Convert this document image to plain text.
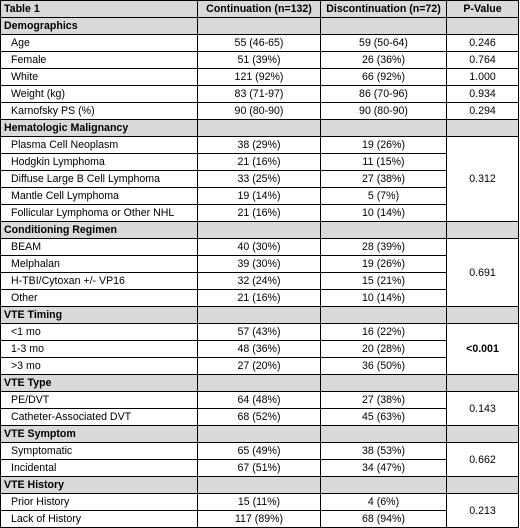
Table 1	Continuation (n=132)	Discontinuation (n=72)	P-Value
Demographics			
Age	55 (46-65)	59 (50-64)	0.246
Female	51 (39%)	26 (36%)	0.764
White	121 (92%)	66 (92%)	1.000
Weight (kg)	83 (71-97)	86 (70-96)	0.934
Karnofsky PS (%)	90 (80-90)	90 (80-90)	0.294
Hematologic Malignancy			
Plasma Cell Neoplasm	38 (29%)	19 (26%)	0.312
Hodgkin Lymphoma	21 (16%)	11 (15%)	
Diffuse Large B Cell Lymphoma	33 (25%)	27 (38%)	
Mantle Cell Lymphoma	19 (14%)	5 (7%)	
Follicular Lymphoma or Other NHL	21 (16%)	10 (14%)	
Conditioning Regimen			
BEAM	40 (30%)	28 (39%)	0.691
Melphalan	39 (30%)	19 (26%)	
H-TBI/Cytoxan +/- VP16	32 (24%)	15 (21%)	
Other	21 (16%)	10 (14%)	
VTE Timing			
<1 mo	57 (43%)	16 (22%)	<0.001
1-3 mo	48 (36%)	20 (28%)	
>3 mo	27 (20%)	36 (50%)	
VTE Type			
PE/DVT	64 (48%)	27 (38%)	0.143
Catheter-Associated DVT	68 (52%)	45 (63%)	
VTE Symptom			
Symptomatic	65 (49%)	38 (53%)	0.662
Incidental	67 (51%)	34 (47%)	
VTE History			
Prior History	15 (11%)	4 (6%)	0.213
Lack of History	117 (89%)	68 (94%)	
